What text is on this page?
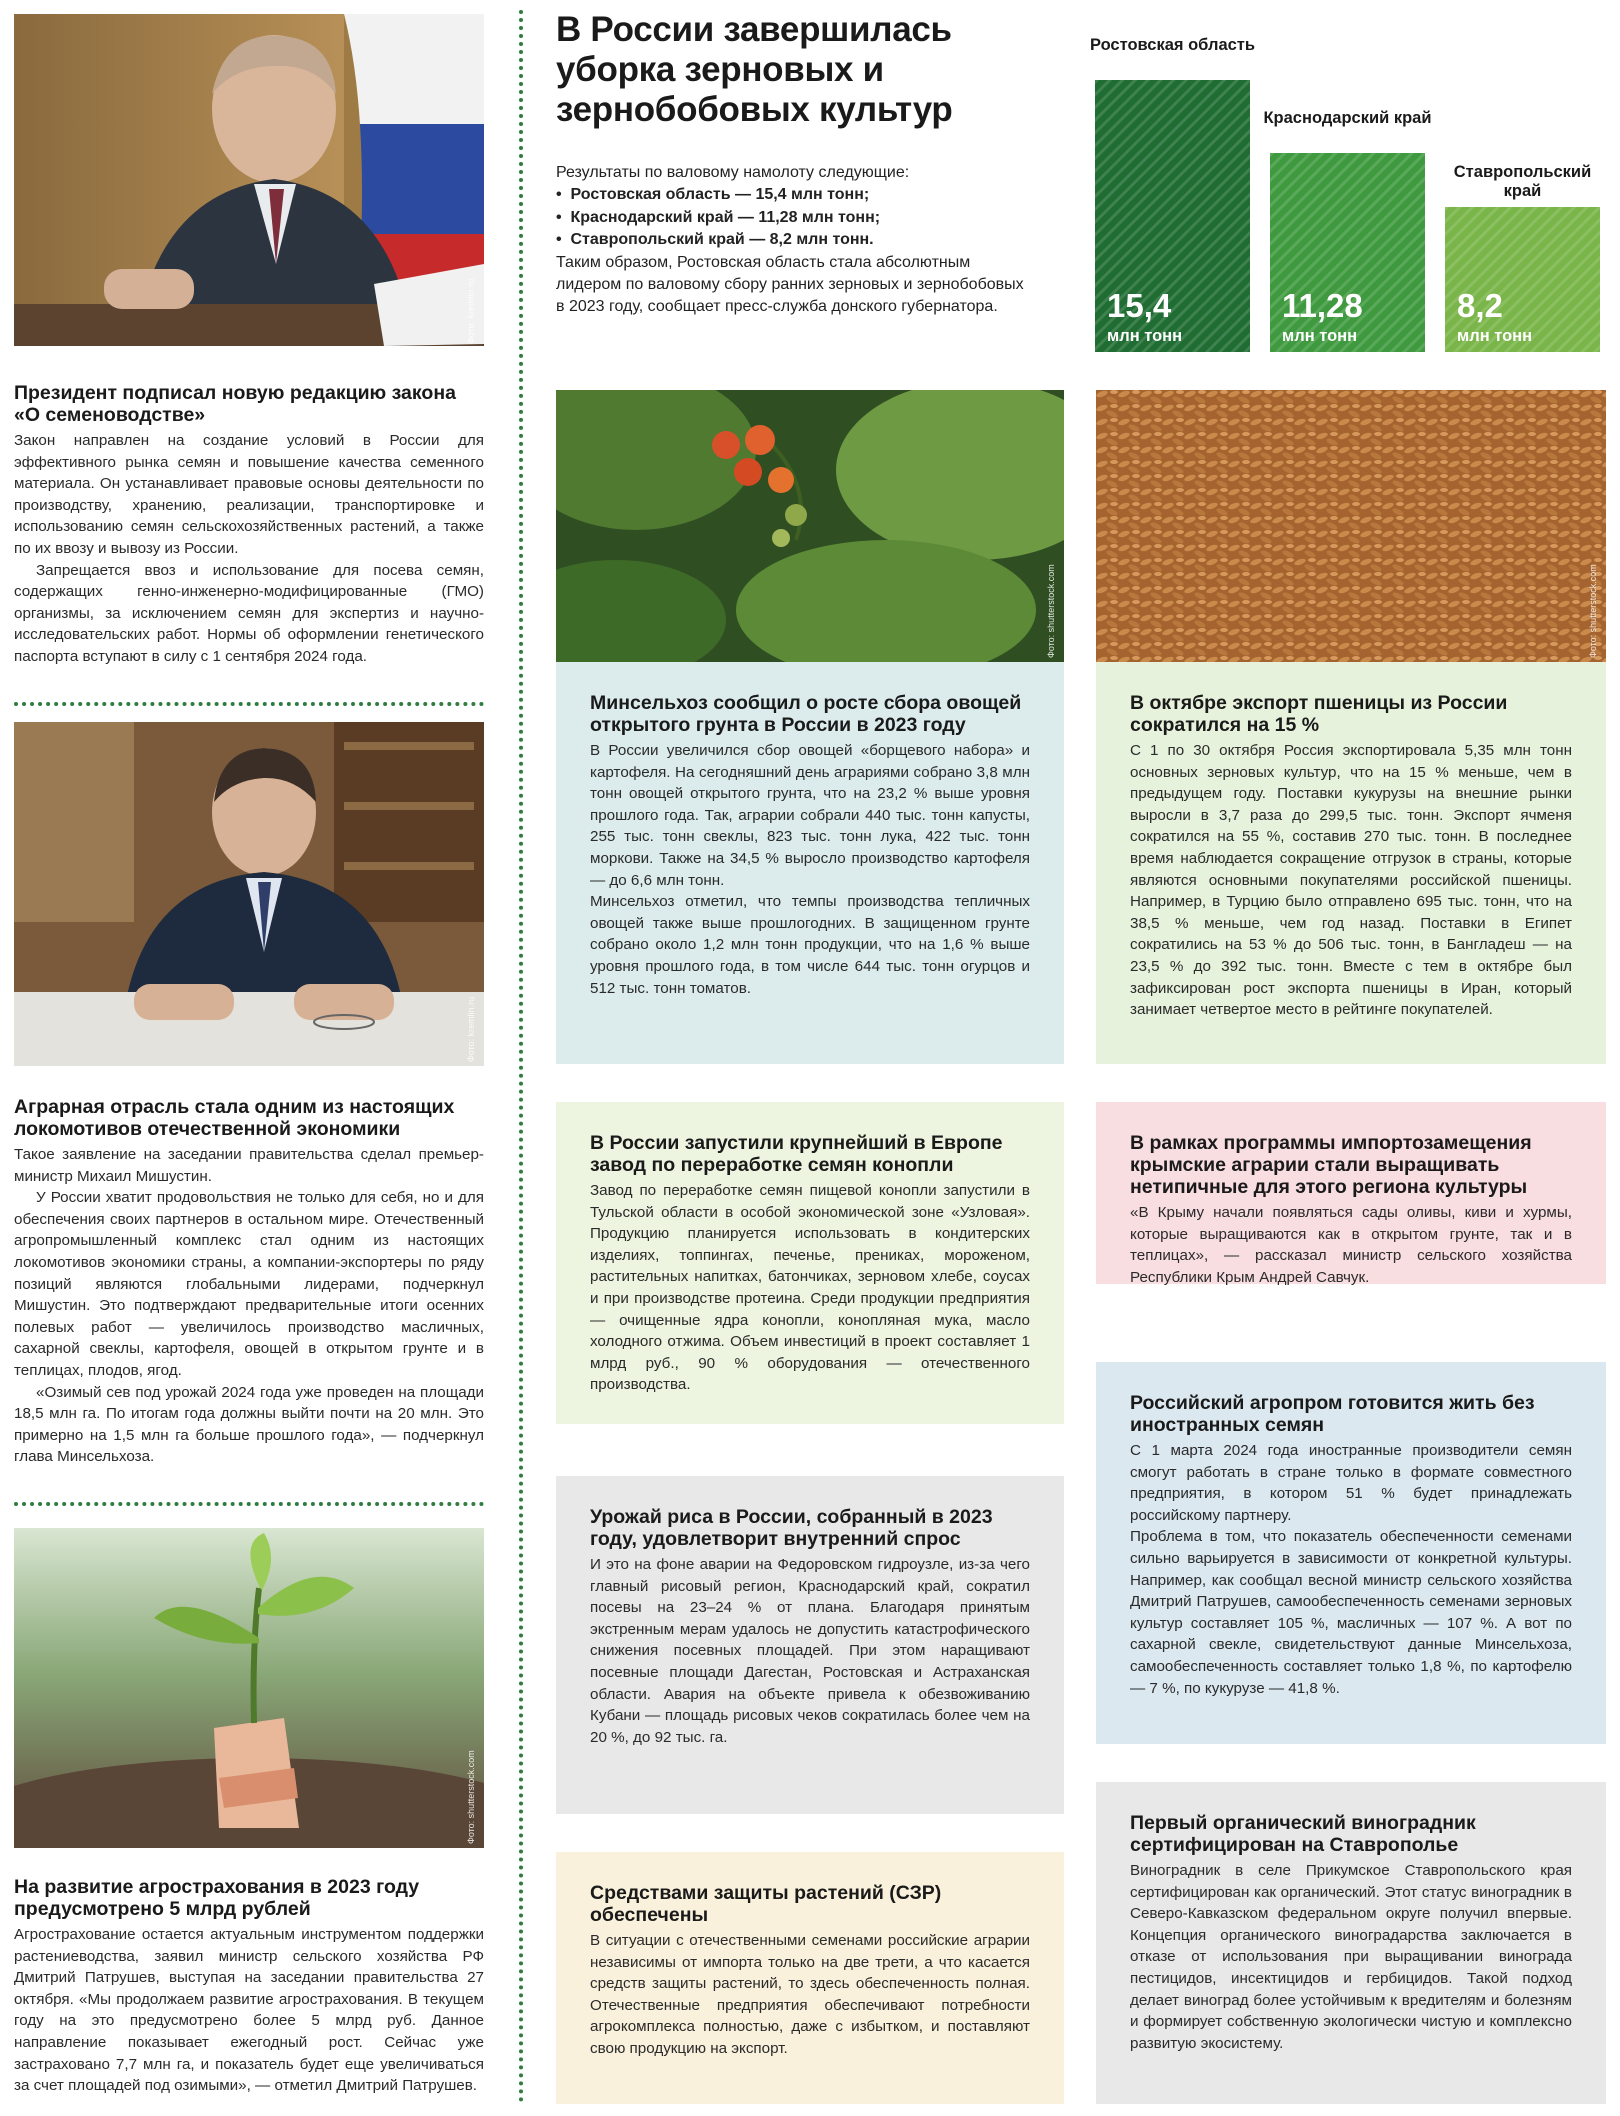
Фото: kremlin.ru
Президент подписал новую редакцию закона «О семеноводстве»

Закон направлен на создание условий в России для эффективного рынка семян и повышение качества семенного материала. Он устанавливает правовые основы деятельности по производству, хранению, реализации, транспортировке и использованию семян сельскохозяйственных растений, а также по их ввозу и вывозу из России.

Запрещается ввоз и использование для посева семян, содержащих генно-инженерно-модифицированные (ГМО) организмы, за исключением семян для экспертиз и научно-исследовательских работ. Нормы об оформлении генетического паспорта вступают в силу с 1 сентября 2024 года.

Фото: kremlin.ru
Аграрная отрасль стала одним из настоящих локомотивов отечественной экономики

Такое заявление на заседании правительства сделал премьер-министр Михаил Мишустин.

У России хватит продовольствия не только для себя, но и для обеспечения своих партнеров в остальном мире. Отечественный агропромышленный комплекс стал одним из настоящих локомотивов экономики страны, а компании-экспортеры по ряду позиций являются глобальными лидерами, подчеркнул Мишустин. Это подтверждают предварительные итоги осенних полевых работ — увеличилось производство масличных, сахарной свеклы, картофеля, овощей в открытом грунте и в теплицах, плодов, ягод.

«Озимый сев под урожай 2024 года уже проведен на площади 18,5 млн га. По итогам года должны выйти почти на 20 млн. Это примерно на 1,5 млн га больше прошлого года», — подчеркнул глава Минсельхоза.

Фото: shutterstock.com
На развитие агрострахования в 2023 году предусмотрено 5 млрд рублей

Агрострахование остается актуальным инструментом поддержки растениеводства, заявил министр сельского хозяйства РФ Дмитрий Патрушев, выступая на заседании правительства 27 октября. «Мы продолжаем развитие агрострахования. В текущем году на это предусмотрено более 5 млрд руб. Данное направление показывает ежегодный рост. Сейчас уже застраховано 7,7 млн га, и показатель будет еще увеличиваться за счет площадей под озимыми», — отметил Дмитрий Патрушев.

В России завершилась уборка зерновых и зернобобовых культур
Результаты по валовому намолоту следующие:
• Ростовская область — 15,4 млн тонн;
• Краснодарский край — 11,28 млн тонн;
• Ставропольский край — 8,2 млн тонн.
Таким образом, Ростовская область стала абсолютным лидером по валовому сбору ранних зерновых и зернобобовых в 2023 году, сообщает пресс-служба донского губернатора.
Ростовская область
Краснодарский край
Ставропольский край
15,4
млн тонн
11,28
млн тонн
8,2
млн тонн
Фото: shutterstock.com	Фото: shutterstock.com
Минсельхоз сообщил о росте сбора овощей открытого грунта в России в 2023 году

В России увеличился сбор овощей «борщевого набора» и картофеля. На сегодняшний день аграриями собрано 3,8 млн тонн овощей открытого грунта, что на 23,2 % выше уровня прошлого года. Так, аграрии собрали 440 тыс. тонн капусты, 255 тыс. тонн свеклы, 823 тыс. тонн лука, 422 тыс. тонн моркови. Также на 34,5 % выросло производство картофеля — до 6,6 млн тонн.

Минсельхоз отметил, что темпы производства тепличных овощей также выше прошлогодних. В защищенном грунте собрано около 1,2 млн тонн продукции, что на 1,6 % выше уровня прошлого года, в том числе 644 тыс. тонн огурцов и 512 тыс. тонн томатов.

В октябре экспорт пшеницы из России сократился на 15 %

С 1 по 30 октября Россия экспортировала 5,35 млн тонн основных зерновых культур, что на 15 % меньше, чем в предыдущем году. Поставки кукурузы на внешние рынки выросли в 3,7 раза до 299,5 тыс. тонн. Экспорт ячменя сократился на 55 %, составив 270 тыс. тонн. В последнее время наблюдается сокращение отгрузок в страны, которые являются основными покупателями российской пшеницы. Например, в Турцию было отправлено 695 тыс. тонн, что на 38,5 % меньше, чем год назад. Поставки в Египет сократились на 53 % до 506 тыс. тонн, в Бангладеш — на 23,5 % до 392 тыс. тонн. Вместе с тем в октябре был зафиксирован рост экспорта пшеницы в Иран, который занимает четвертое место в рейтинге покупателей.

В России запустили крупнейший в Европе завод по переработке семян конопли

Завод по переработке семян пищевой конопли запустили в Тульской области в особой экономической зоне «Узловая». Продукцию планируется использовать в кондитерских изделиях, топпингах, печенье, прениках, мороженом, растительных напитках, батончиках, зерновом хлебе, соусах и при производстве протеина. Среди продукции предприятия — очищенные ядра конопли, конопляная мука, масло холодного отжима. Объем инвестиций в проект составляет 1 млрд руб., 90 % оборудования — отечественного производства.

В рамках программы импортозамещения крымские аграрии стали выращивать нетипичные для этого региона культуры

«В Крыму начали появляться сады оливы, киви и хурмы, которые выращиваются как в открытом грунте, так и в теплицах», — рассказал министр сельского хозяйства Республики Крым Андрей Савчук.

Урожай риса в России, собранный в 2023 году, удовлетворит внутренний спрос

И это на фоне аварии на Федоровском гидроузле, из-за чего главный рисовый регион, Краснодарский край, сократил посевы на 23–24 % от плана. Благодаря принятым экстренным мерам удалось не допустить катастрофического снижения посевных площадей. При этом наращивают посевные площади Дагестан, Ростовская и Астраханская области. Авария на объекте привела к обезвоживанию Кубани — площадь рисовых чеков сократилась более чем на 20 %, до 92 тыс. га.

Российский агропром готовится жить без иностранных семян

С 1 марта 2024 года иностранные производители семян смогут работать в стране только в формате совместного предприятия, в котором 51 % будет принадлежать российскому партнеру.

Проблема в том, что показатель обеспеченности семенами сильно варьируется в зависимости от конкретной культуры. Например, как сообщал весной министр сельского хозяйства Дмитрий Патрушев, самообеспеченность семенами зерновых культур составляет 105 %, масличных — 107 %. А вот по сахарной свекле, свидетельствуют данные Минсельхоза, самообеспеченность составляет только 1,8 %, по картофелю — 7 %, по кукурузе — 41,8 %.

Средствами защиты растений (СЗР) обеспечены

В ситуации с отечественными семенами российские аграрии независимы от импорта только на две трети, а что касается средств защиты растений, то здесь обеспеченность полная. Отечественные предприятия обеспечивают потребности агрокомплекса полностью, даже с избытком, и поставляют свою продукцию на экспорт.

Первый органический виноградник сертифицирован на Ставрополье

Виноградник в селе Прикумское Ставропольского края сертифицирован как органический. Этот статус виноградник в Северо-Кавказском федеральном округе получил впервые. Концепция органического виноградарства заключается в отказе от использования при выращивании винограда пестицидов, инсектицидов и гербицидов. Такой подход делает виноград более устойчивым к вредителям и болезням и формирует собственную экологически чистую и комплексно развитую экосистему.
